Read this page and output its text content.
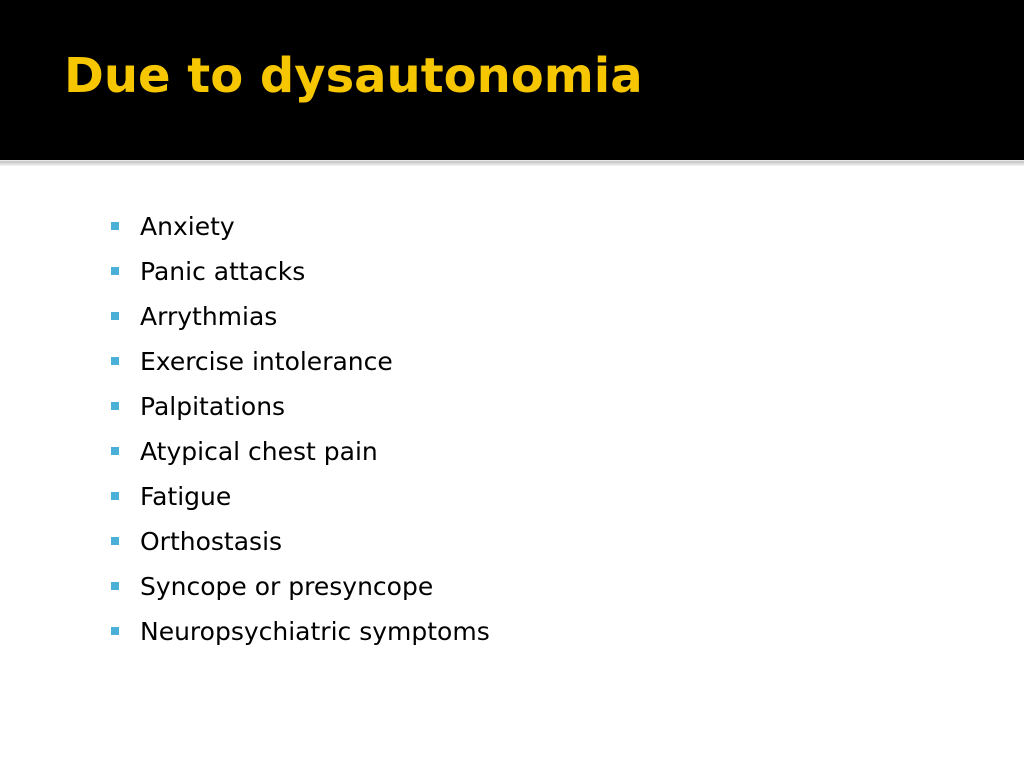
Due to dysautonomia
Anxiety
Panic attacks
Arrythmias
Exercise intolerance
Palpitations
Atypical chest pain
Fatigue
Orthostasis
Syncope or presyncope
Neuropsychiatric symptoms
